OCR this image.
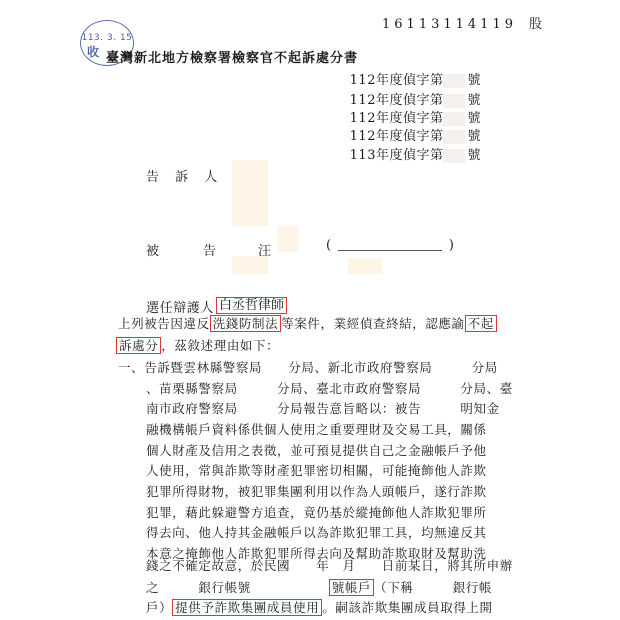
113. 3. 15
收
16113114119 股
臺灣新北地方檢察署檢察官不起訴處分書
112年度偵字第 號
112年度偵字第 號
112年度偵字第 號
112年度偵字第 號
113年度偵字第 號
告 訴 人
被　　告	汪	(	)
選任辯護人 白丞哲律師
上列被告因違反 洗錢防制法 等案件，業經偵查終結，認應諭 不起
訴處分 ，茲敘述理由如下：
一、告訴暨雲林縣警察局　　分局、新北市政府警察局　　　分局
、苗栗縣警察局　　　分局、臺北市政府警察局　　　分局、臺
南市政府警察局　　　分局報告意旨略以：被告　　　明知金
融機構帳戶資料係供個人使用之重要理財及交易工具，關係
個人財產及信用之表徵，並可預見提供自己之金融帳戶予他
人使用，常與詐欺等財產犯罪密切相關，可能掩飾他人詐欺
犯罪所得財物，被犯罪集團利用以作為人頭帳戶，遂行詐欺
犯罪，藉此躲避警方追查，竟仍基於縱掩飾他人詐欺犯罪所
得去向、他人持其金融帳戶以為詐欺犯罪工具，均無違反其
本意之掩飾他人詐欺犯罪所得去向及幫助詐欺取財及幫助洗
錢之不確定故意，於民國　　年　月　　日前某日，將其所申辦
之　　　銀行帳號	號帳戶 （下稱　　　銀行帳
戶） 提供予詐欺集團成員使用 。嗣該詐欺集團成員取得上開
